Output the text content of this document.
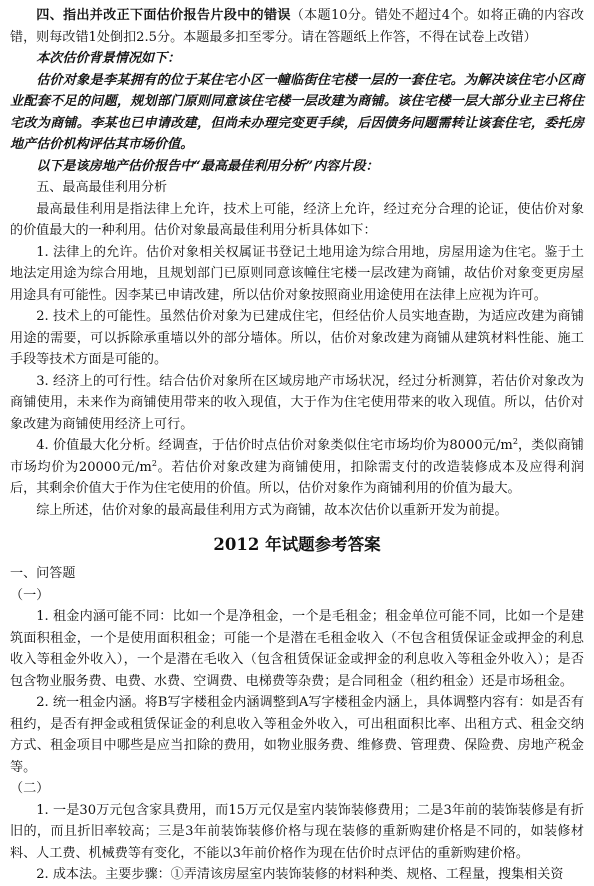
四、指出并改正下面估价报告片段中的错误（本题10分。错处不超过4个。如将正确的内容改错，则每改错1处倒扣2.5分。本题最多扣至零分。请在答题纸上作答，不得在试卷上改错）

本次估价背景情况如下：

估价对象是李某拥有的位于某住宅小区一幢临街住宅楼一层的一套住宅。为解决该住宅小区商业配套不足的问题，规划部门原则同意该住宅楼一层改建为商铺。该住宅楼一层大部分业主已将住宅改为商铺。李某也已申请改建，但尚未办理完变更手续，后因债务问题需转让该套住宅，委托房地产估价机构评估其市场价值。

以下是该房地产估价报告中“最高最佳利用分析”内容片段：

五、最高最佳利用分析

最高最佳利用是指法律上允许，技术上可能，经济上允许，经过充分合理的论证，使估价对象的价值最大的一种利用。估价对象最高最佳利用分析具体如下：

1. 法律上的允许。估价对象相关权属证书登记土地用途为综合用地，房屋用途为住宅。鉴于土地法定用途为综合用地，且规划部门已原则同意该幢住宅楼一层改建为商铺，故估价对象变更房屋用途具有可能性。因李某已申请改建，所以估价对象按照商业用途使用在法律上应视为许可。

2. 技术上的可能性。虽然估价对象为已建成住宅，但经估价人员实地查勘，为适应改建为商铺用途的需要，可以拆除承重墙以外的部分墙体。所以，估价对象改建为商铺从建筑材料性能、施工手段等技术方面是可能的。

3. 经济上的可行性。结合估价对象所在区域房地产市场状况，经过分析测算，若估价对象改为商铺使用，未来作为商铺使用带来的收入现值，大于作为住宅使用带来的收入现值。所以，估价对象改建为商铺使用经济上可行。

4. 价值最大化分析。经调查，于估价时点估价对象类似住宅市场均价为8000元$/m^2$，类似商铺市场均价为20000元$/m^2$。若估价对象改建为商铺使用，扣除需支付的改造装修成本及应得利润后，其剩余价值大于作为住宅使用的价值。所以，估价对象作为商铺利用的价值为最大。

综上所述，估价对象的最高最佳利用方式为商铺，故本次估价以重新开发为前提。

2012 年试题参考答案

一、问答题

（一）

1. 租金内涵可能不同：比如一个是净租金，一个是毛租金；租金单位可能不同，比如一个是建筑面积租金，一个是使用面积租金；可能一个是潜在毛租金收入（不包含租赁保证金或押金的利息收入等租金外收入），一个是潜在毛收入（包含租赁保证金或押金的利息收入等租金外收入）；是否包含物业服务费、电费、水费、空调费、电梯费等杂费；是合同租金（租约租金）还是市场租金。

2. 统一租金内涵。将B写字楼租金内涵调整到A写字楼租金内涵上，具体调整内容有：如是否有租约，是否有押金或租赁保证金的利息收入等租金外收入，可出租面积比率、出租方式、租金交纳方式、租金项目中哪些是应当扣除的费用，如物业服务费、维修费、管理费、保险费、房地产税金等。

（二）

1. 一是30万元包含家具费用，而15万元仅是室内装饰装修费用；二是3年前的装饰装修是有折旧的，而且折旧率较高；三是3年前装饰装修价格与现在装修的重新购建价格是不同的，如装修材料、人工费、机械费等有变化，不能以3年前价格作为现在估价时点评估的重新购建价格。

2. 成本法。主要步骤：①弄清该房屋室内装饰装修的材料种类、规格、工程量，搜集相关资
